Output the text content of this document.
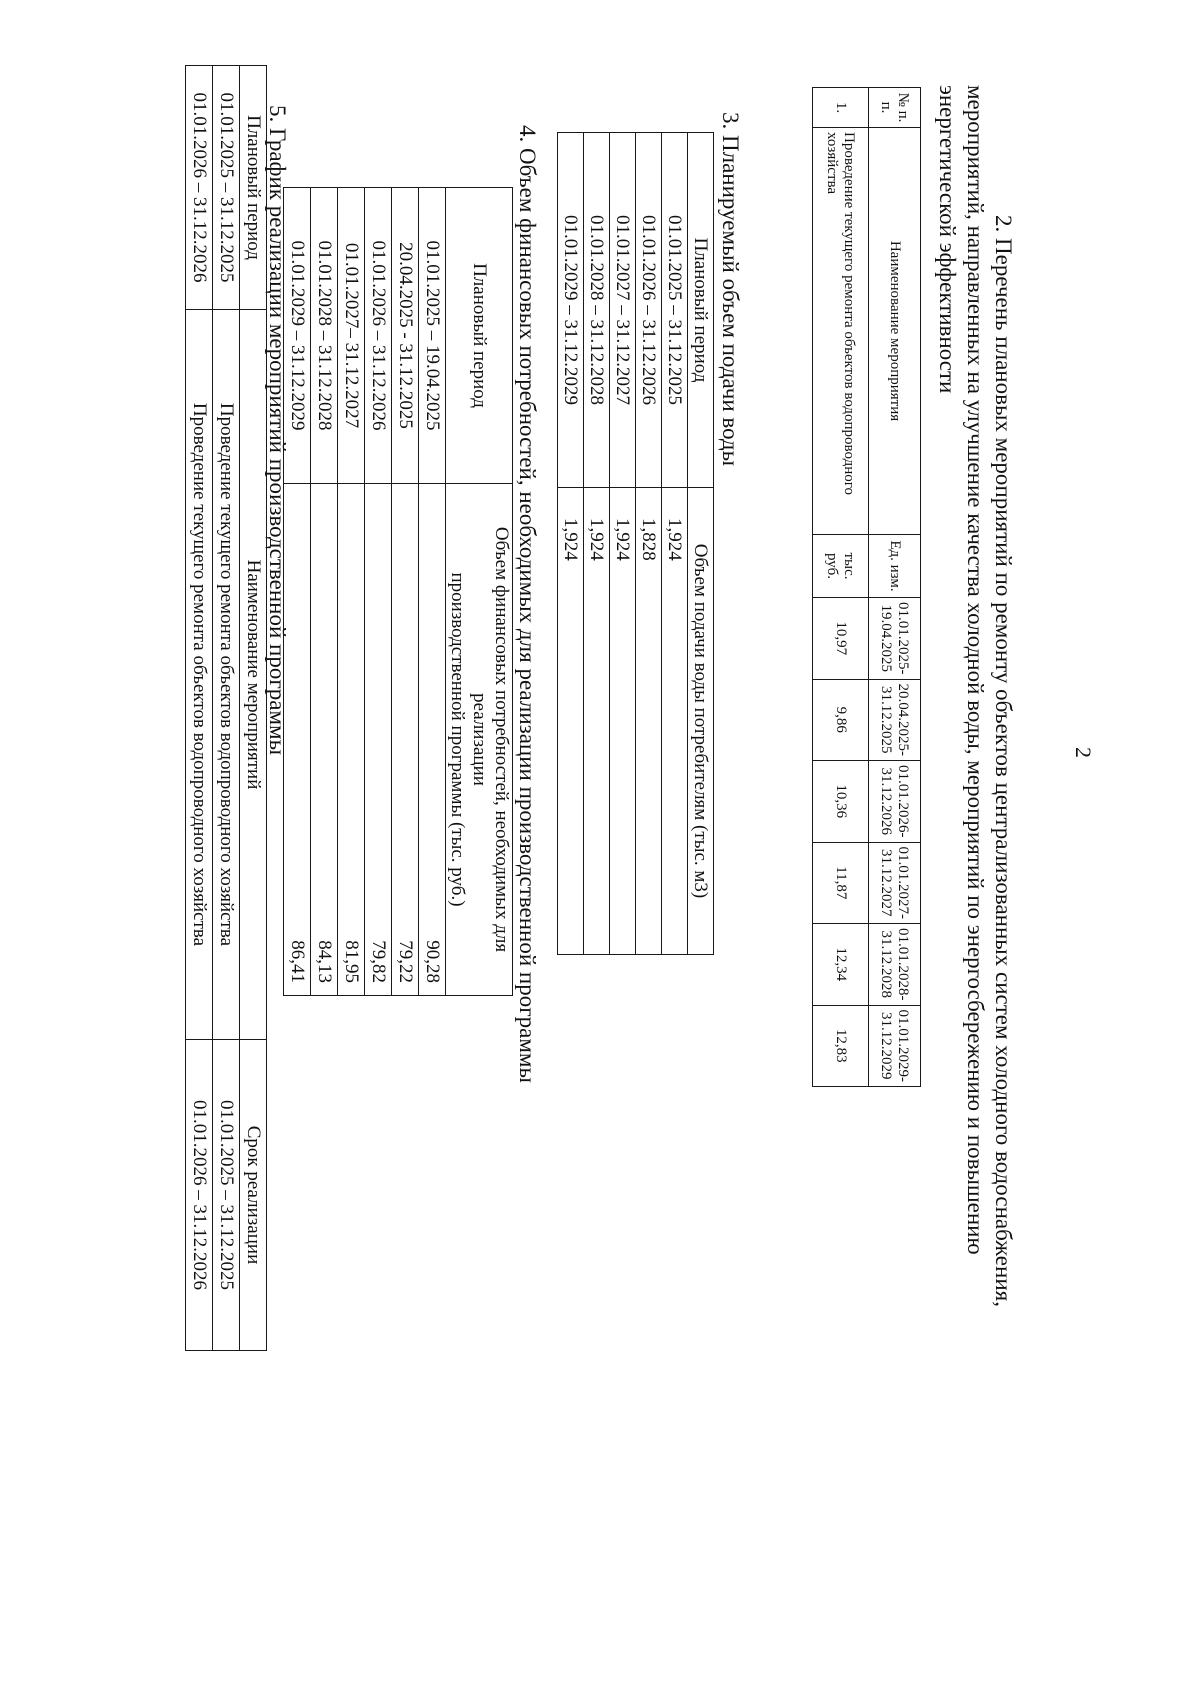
2
2. Перечень плановых мероприятий по ремонту объектов централизованных систем холодного водоснабжения,
мероприятий, направленных на улучшение качества холодной воды, мероприятий по энергосбережению и повышению
энергетической эффективности
№ п. п.	Наименование мероприятия	Ед. изм.	01.01.2025-19.04.2025	20.04.2025-31.12.2025	01.01.2026-31.12.2026	01.01.2027-31.12.2027	01.01.2028-31.12.2028	01.01.2029-31.12.2029
1.	Проведение текущего ремонта объектов водопроводного хозяйства	тыс. руб.	10,97	9,86	10,36	11,87	12,34	12,83
3. Планируемый объем подачи воды
Плановый период	Объем подачи воды потребителям (тыс. м3)
01.01.2025 – 31.12.2025	1,924
01.01.2026 – 31.12.2026	1,828
01.01.2027 – 31.12.2027	1,924
01.01.2028 – 31.12.2028	1,924
01.01.2029 – 31.12.2029	1,924
4. Объем финансовых потребностей, необходимых для реализации производственной программы
Плановый период	Объем финансовых потребностей, необходимых для реализации
производственной программы (тыс. руб.)

01.01.2025 – 19.04.2025	90,28
20.04.2025 - 31.12.2025	79,22
01.01.2026 – 31.12.2026	79,82
01.01.2027– 31.12.2027	81,95
01.01.2028 – 31.12.2028	84,13
01.01.2029 – 31.12.2029	86,41
5. График реализации мероприятий производственной программы
Плановый период	Наименование мероприятий	Срок реализации
01.01.2025 – 31.12.2025	Проведение текущего ремонта объектов водопроводного хозяйства	01.01.2025 – 31.12.2025
01.01.2026 – 31.12.2026	Проведение текущего ремонта объектов водопроводного хозяйства	01.01.2026 – 31.12.2026
